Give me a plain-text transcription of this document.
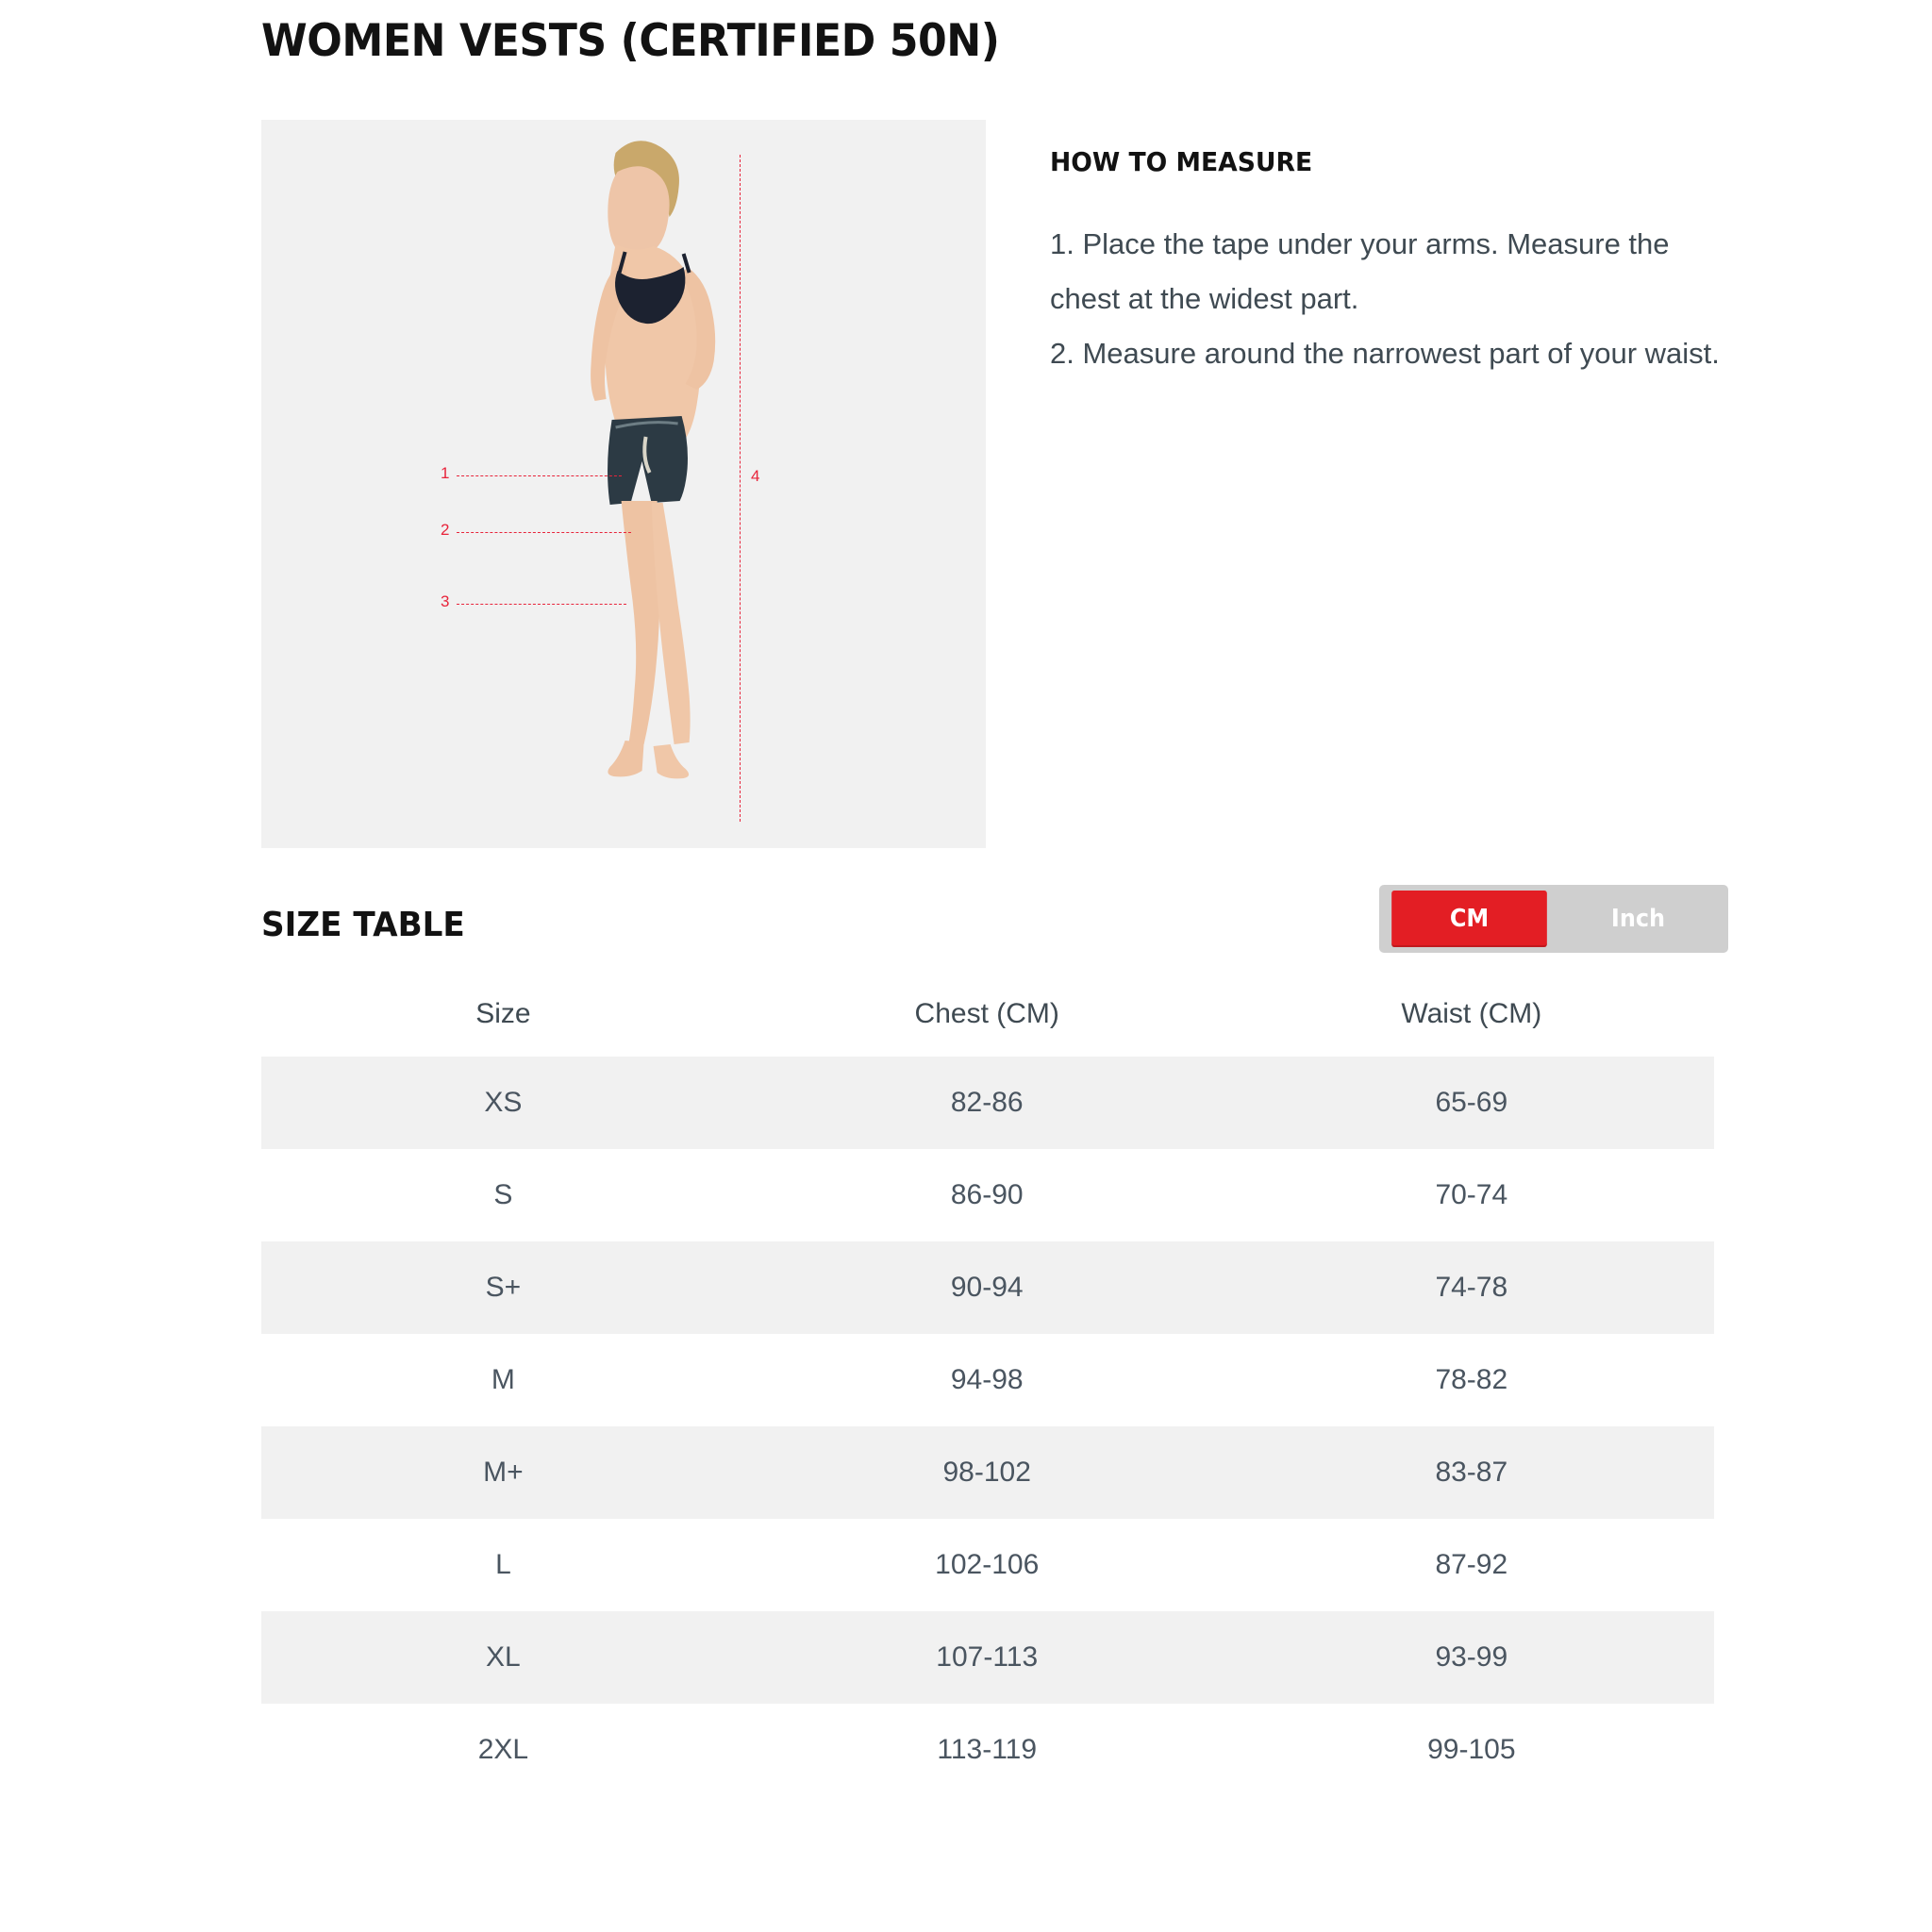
WOMEN VESTS (CERTIFIED 50N)
1
2
3
4
HOW TO MEASURE
1. Place the tape under your arms. Measure the chest at the widest part.
2. Measure around the narrowest part of your waist.
SIZE TABLE	CM	Inch
Size	Chest (CM)	Waist (CM)
XS	82-86	65-69
S	86-90	70-74
S+	90-94	74-78
M	94-98	78-82
M+	98-102	83-87
L	102-106	87-92
XL	107-113	93-99
2XL	113-119	99-105
